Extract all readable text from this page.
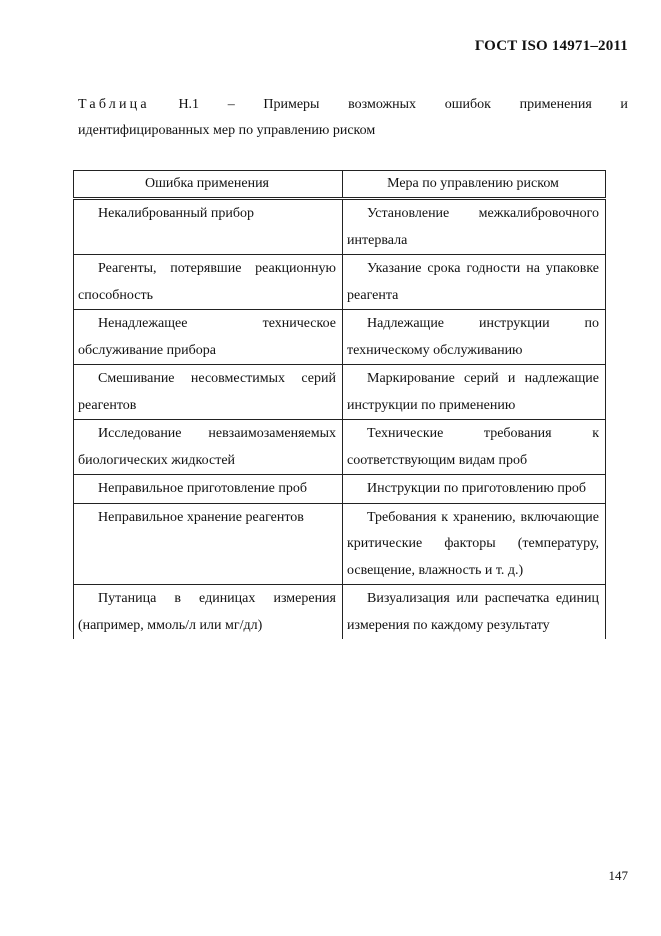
ГОСТ ISO 14971–2011
Таблица Н.1 – Примеры возможных ошибок применения и
идентифицированных мер по управлению риском
Ошибка применения	Мера по управлению риском

Некалиброванный прибор	Установление межкалибровочного интервала

Реагенты, потерявшие реакционную способность	Указание срока годности на упаковке реагента

Ненадлежащее техническое обслуживание прибора	Надлежащие инструкции по техническому обслуживанию

Смешивание несовместимых серий реагентов	Маркирование серий и надлежащие инструкции по применению

Исследование невзаимозаменяемых биологических жидкостей	Технические требования к соответствующим видам проб

Неправильное приготовление проб	Инструкции по приготовлению проб

Неправильное хранение реагентов	Требования к хранению, включающие критические факторы (температуру, освещение, влажность и т. д.)

Путаница в единицах измерения (например, ммоль/л или мг/дл)	Визуализация или распечатка единиц измерения по каждому результату
147
